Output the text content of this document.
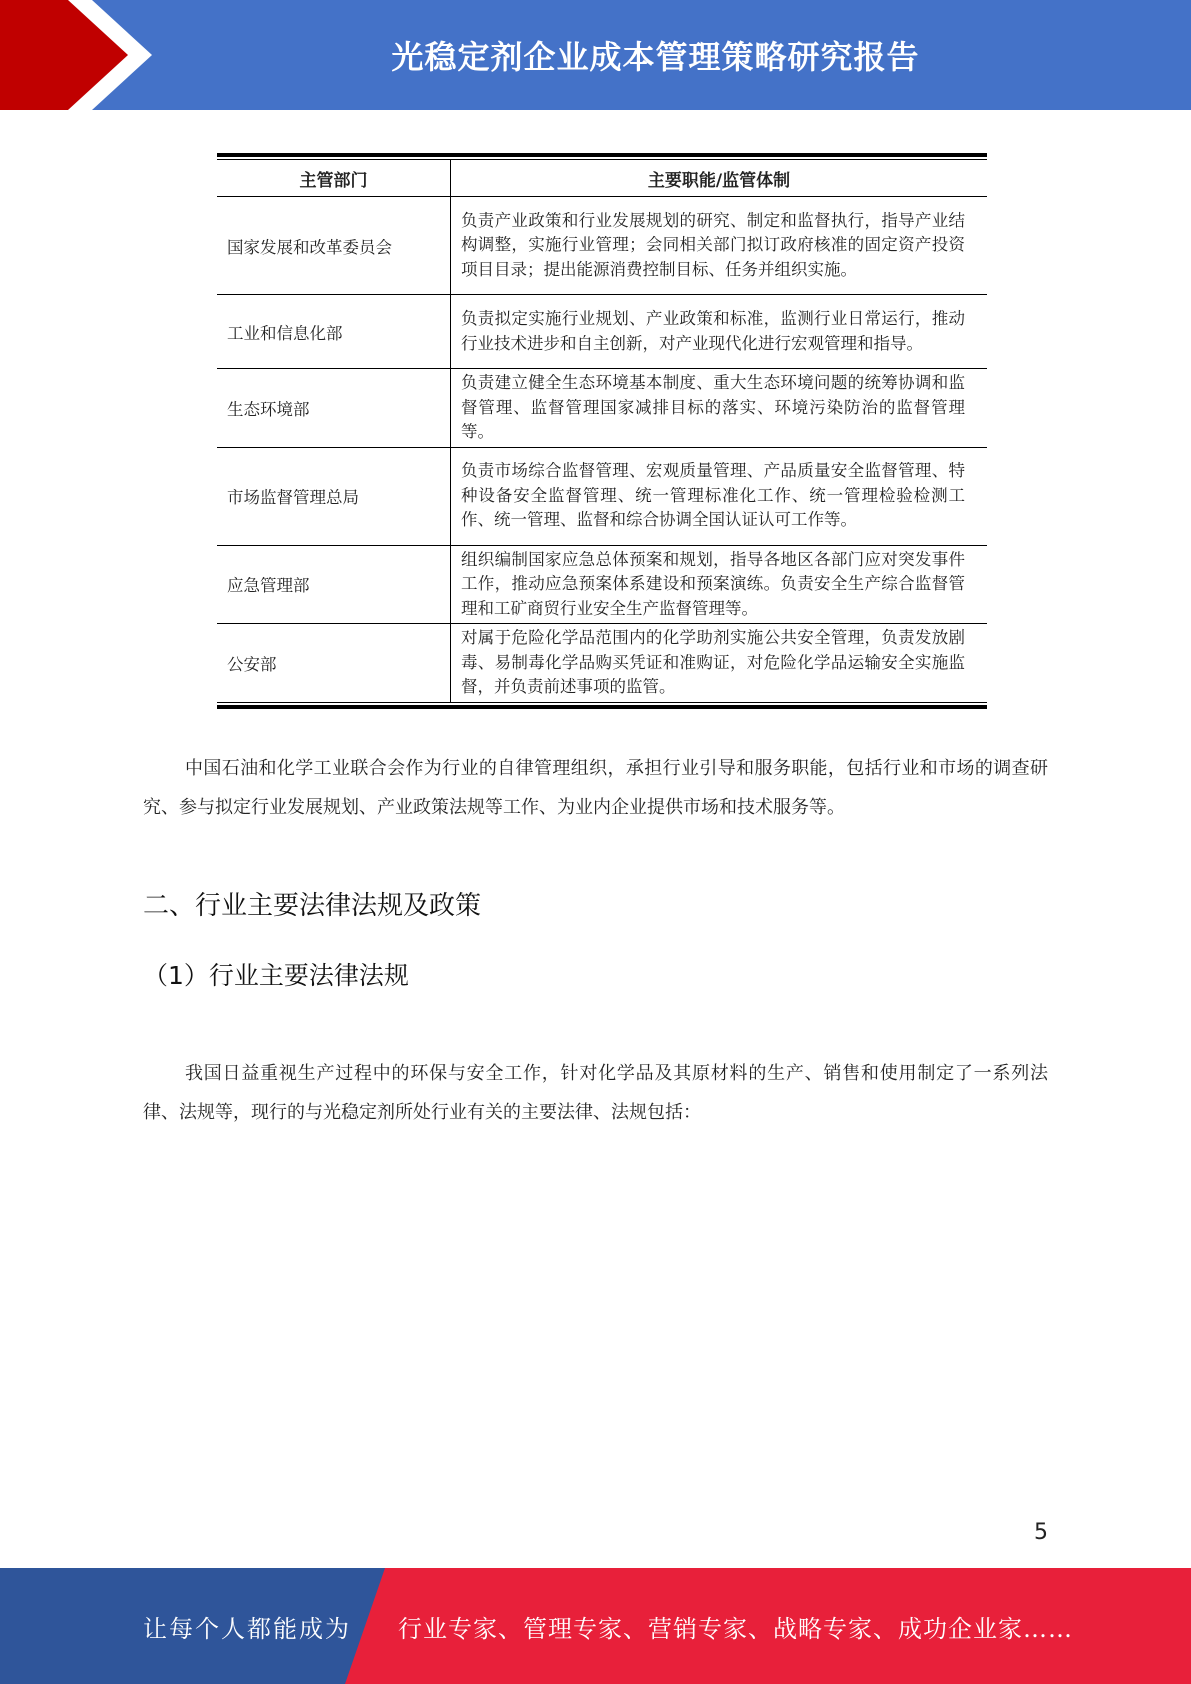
光稳定剂企业成本管理策略研究报告
主管部门	主要职能/监管体制
国家发展和改革委员会	负责产业政策和行业发展规划的研究、制定和监督执行，指导产业结构调整，实施行业管理；会同相关部门拟订政府核准的固定资产投资项目目录；提出能源消费控制目标、任务并组织实施。
工业和信息化部	负责拟定实施行业规划、产业政策和标准，监测行业日常运行，推动行业技术进步和自主创新，对产业现代化进行宏观管理和指导。
生态环境部	负责建立健全生态环境基本制度、重大生态环境问题的统筹协调和监督管理、监督管理国家减排目标的落实、环境污染防治的监督管理等。
市场监督管理总局	负责市场综合监督管理、宏观质量管理、产品质量安全监督管理、特种设备安全监督管理、统一管理标准化工作、统一管理检验检测工作、统一管理、监督和综合协调全国认证认可工作等。
应急管理部	组织编制国家应急总体预案和规划，指导各地区各部门应对突发事件工作，推动应急预案体系建设和预案演练。负责安全生产综合监督管理和工矿商贸行业安全生产监督管理等。
公安部	对属于危险化学品范围内的化学助剂实施公共安全管理，负责发放剧毒、易制毒化学品购买凭证和准购证，对危险化学品运输安全实施监督，并负责前述事项的监管。

中国石油和化学工业联合会作为行业的自律管理组织，承担行业引导和服务职能，包括行业和市场的调查研究、参与拟定行业发展规划、产业政策法规等工作、为业内企业提供市场和技术服务等。

二、行业主要法律法规及政策
（1）行业主要法律法规

我国日益重视生产过程中的环保与安全工作，针对化学品及其原材料的生产、销售和使用制定了一系列法律、法规等，现行的与光稳定剂所处行业有关的主要法律、法规包括：

5
让每个人都能成为 行业专家、管理专家、营销专家、战略专家、成功企业家……
